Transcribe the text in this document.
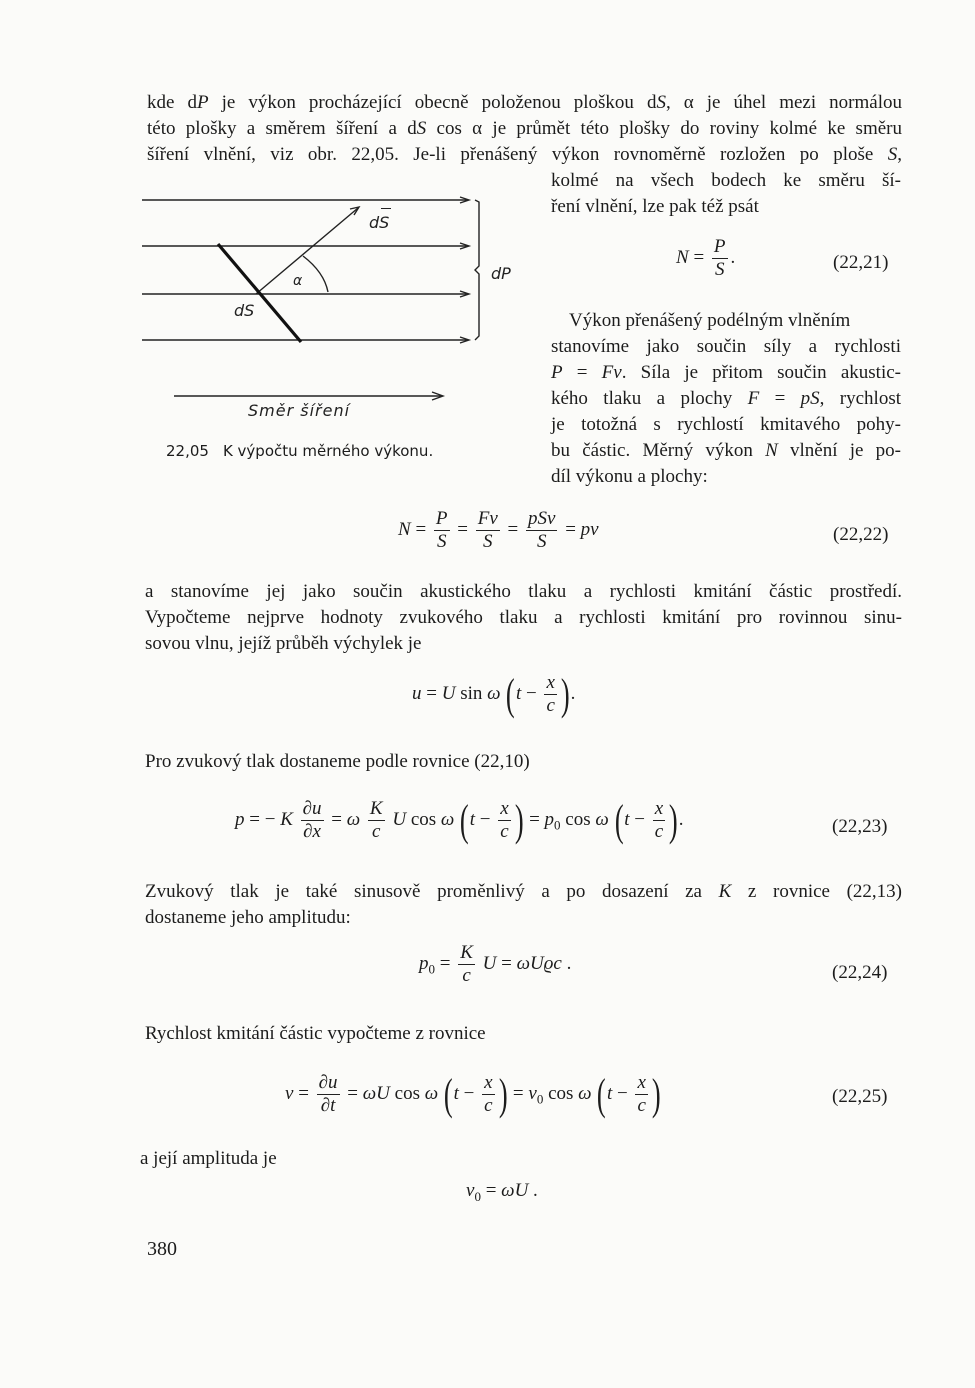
kde dP je výkon procházející obecně položenou ploškou dS, α je úhel mezi normálou
této plošky a směrem šíření a dS cos α je průmět této plošky do roviny kolmé ke směru
šíření vlnění, viz obr. 22,05. Je-li přenášený výkon rovnoměrně rozložen po ploše S,
kolmé na všech bodech ke směru ší-
ření vlnění, lze pak též psát
dS
α	dP
dS
Směr šíření
22,05 K výpočtu měrného výkonu.
$N = \frac{P}{S}$ .	(22,21)
Výkon přenášený podélným vlněním
stanovíme jako součin síly a rychlosti
P = Fv. Síla je přitom součin akustic-
kého tlaku a plochy F = pS, rychlost
je totožná s rychlostí kmitavého pohy-
bu částic. Měrný výkon N vlnění je po-
díl výkonu a plochy:
$N = \frac{P}{S} = \frac{Fv}{S} = \frac{\text{pSv}}{S}$ = pv	(22,22)
a stanovíme jej jako součin akustického tlaku a rychlosti kmitání částic prostředí.
Vypočteme nejprve hodnoty zvukového tlaku a rychlosti kmitání pro rovinnou sinu-
sovou vlnu, jejíž průběh výchylek je
u = U sin ω ($t - \frac{x}{c}$ ).
Pro zvukový tlak dostaneme podle rovnice (22,10)
p = − K $\frac{\partial u}{\partial x} = \omega \frac{K}{c}$ U cos ω ($t - \frac{x}{c}$ ) = $p_0$ cos ω ($t - \frac{x}{c}$ ).	(22,23)
Zvukový tlak je také sinusově proměnlivý a po dosazení za K z rovnice (22,13)
dostaneme jeho amplitudu:
$p_0 = \frac{K}{c}$ U = ωUϱc .	(22,24)
Rychlost kmitání částic vypočteme z rovnice
$v = \frac{\partial u}{\partial t} = \omega U$ cos ω ($t - \frac{x}{c}$ ) = $v_0$ cos ω ($t - \frac{x}{c}$ )	(22,25)
a její amplituda je
$v_0 = \omega U$ .
380
